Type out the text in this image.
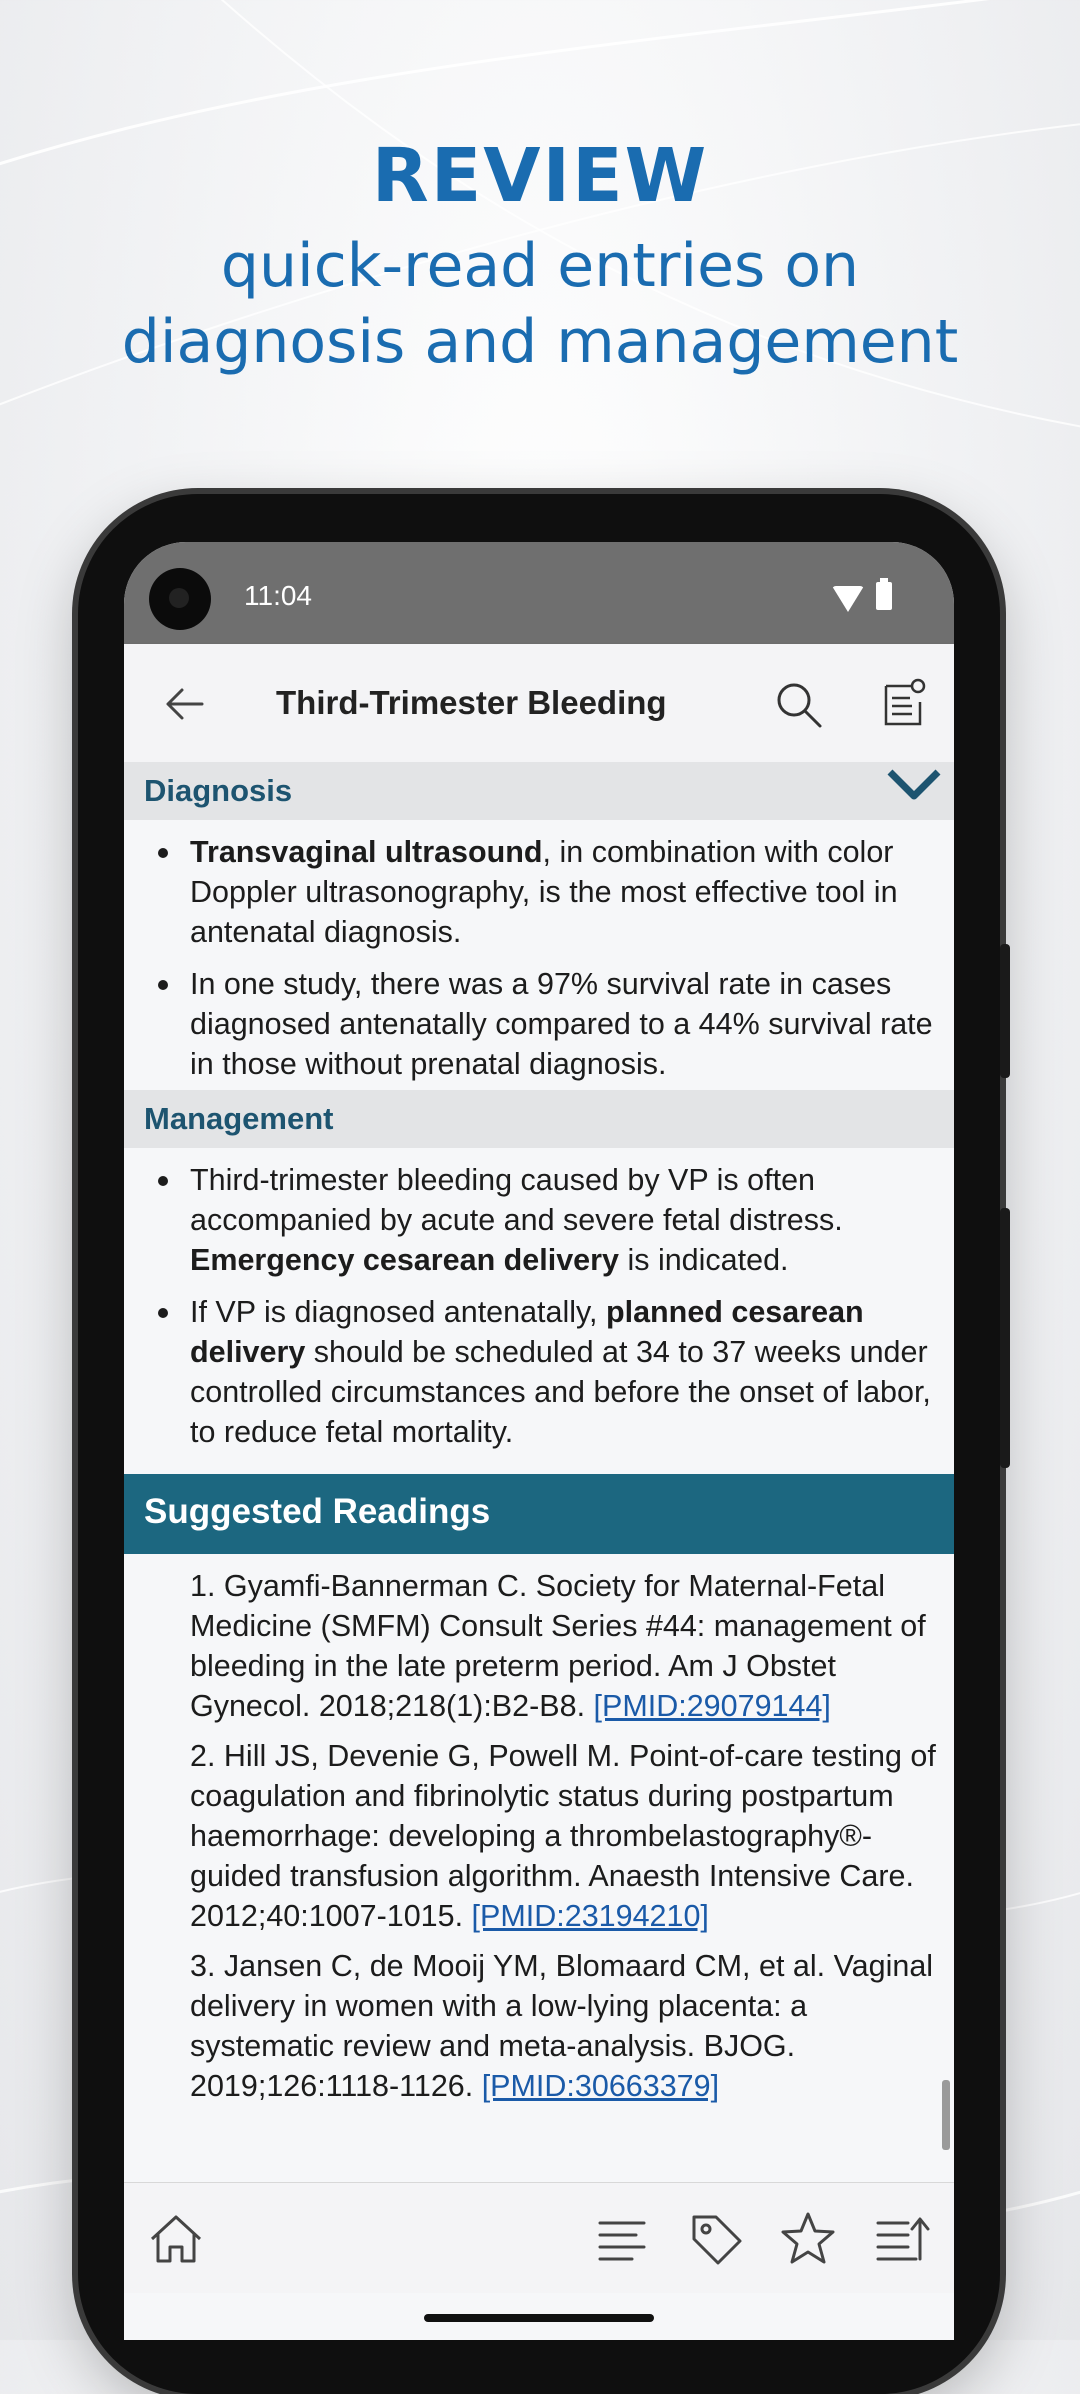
REVIEW
quick-read entries on
diagnosis and management
11:04
Third-Trimester Bleeding
Diagnosis
Transvaginal ultrasound, in combination with color Doppler ultrasonography, is the most effective tool in antenatal diagnosis.
In one study, there was a 97% survival rate in cases diagnosed antenatally compared to a 44% survival rate in those without prenatal diagnosis.
Management
Third-trimester bleeding caused by VP is often accompanied by acute and severe fetal distress. Emergency cesarean delivery is indicated.
If VP is diagnosed antenatally, planned cesarean delivery should be scheduled at 34 to 37 weeks under controlled circumstances and before the onset of labor, to reduce fetal mortality.
Suggested Readings
1. Gyamfi-Bannerman C. Society for Maternal-Fetal Medicine (SMFM) Consult Series #44: management of bleeding in the late preterm period. Am J Obstet Gynecol. 2018;218(1):B2-B8. [PMID:29079144]
2. Hill JS, Devenie G, Powell M. Point-of-care testing of coagulation and fibrinolytic status during postpartum haemorrhage: developing a thrombelastography®-guided transfusion algorithm. Anaesth Intensive Care. 2012;40:1007-1015. [PMID:23194210]
3. Jansen C, de Mooij YM, Blomaard CM, et al. Vaginal delivery in women with a low-lying placenta: a systematic review and meta-analysis. BJOG. 2019;126:1118-1126. [PMID:30663379]
